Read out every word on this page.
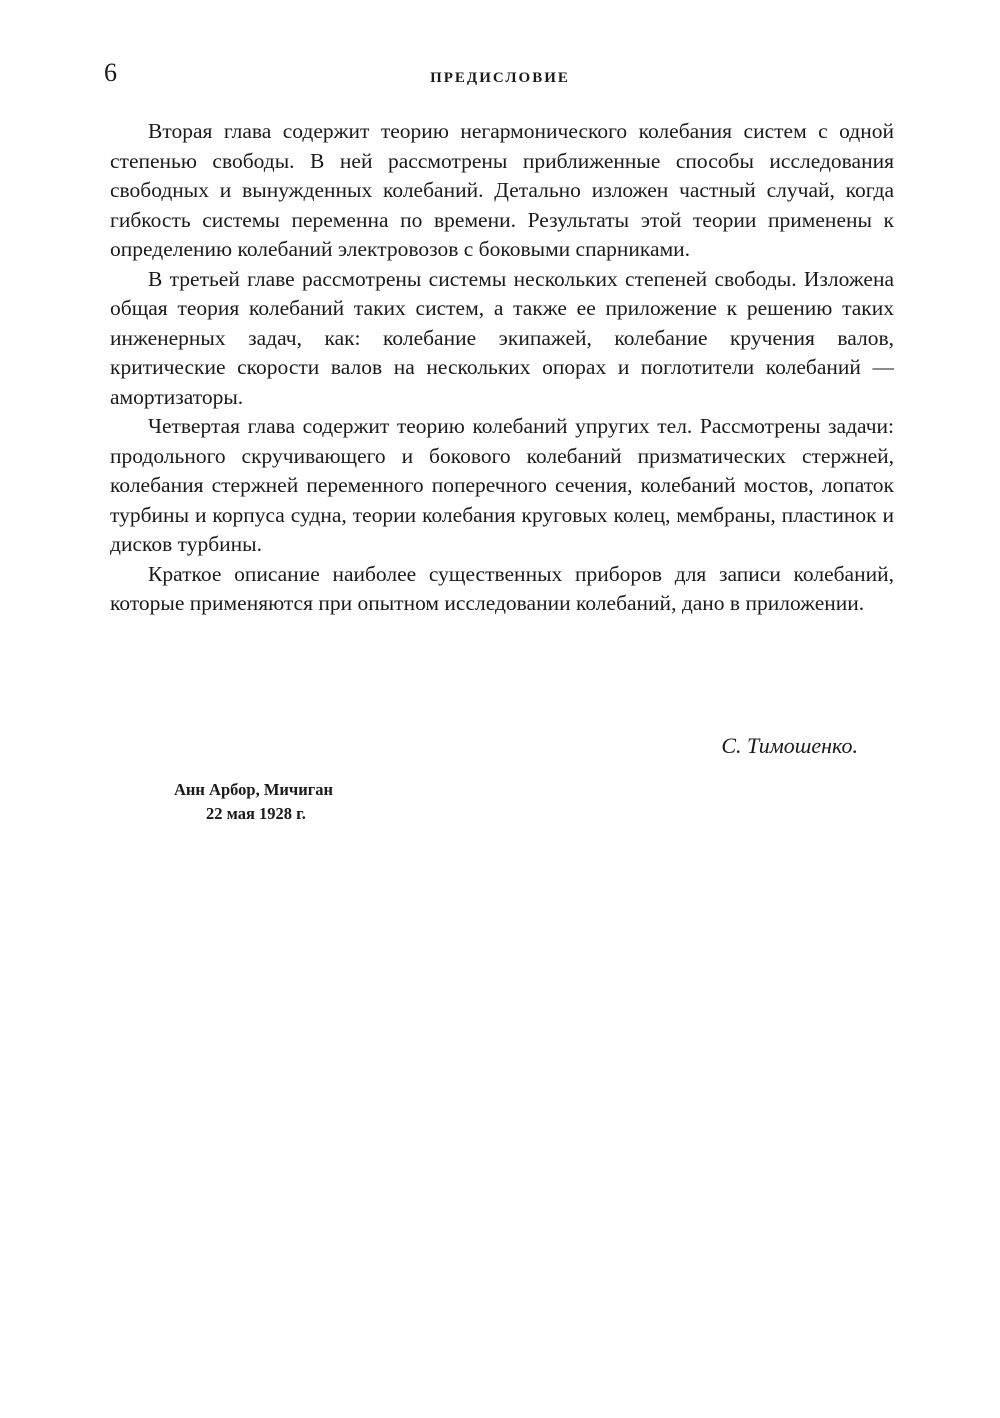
6	ПРЕДИСЛОВИЕ

Вторая глава содержит теорию негармонического колебания систем с одной степенью свободы. В ней рассмотрены приближенные способы исследования свободных и вынужденных колебаний. Детально изложен частный случай, когда гибкость системы переменна по времени. Результаты этой теории применены к определению колебаний электровозов с боковыми спарниками.

В третьей главе рассмотрены системы нескольких степеней свободы. Изложена общая теория колебаний таких систем, а также ее приложение к решению таких инженерных задач, как: колебание экипажей, колебание кручения валов, критические скорости валов на нескольких опорах и поглотители колебаний — амортизаторы.

Четвертая глава содержит теорию колебаний упругих тел. Рассмотрены задачи: продольного скручивающего и бокового колебаний призматических стержней, колебания стержней переменного поперечного сечения, колебаний мостов, лопаток турбины и корпуса судна, теории колебания круговых колец, мембраны, пластинок и дисков турбины.

Краткое описание наиболее существенных приборов для записи колебаний, которые применяются при опытном исследовании колебаний, дано в приложении.

С. Тимошенко.
Анн Арбор, Мичиган
22 мая 1928 г.
